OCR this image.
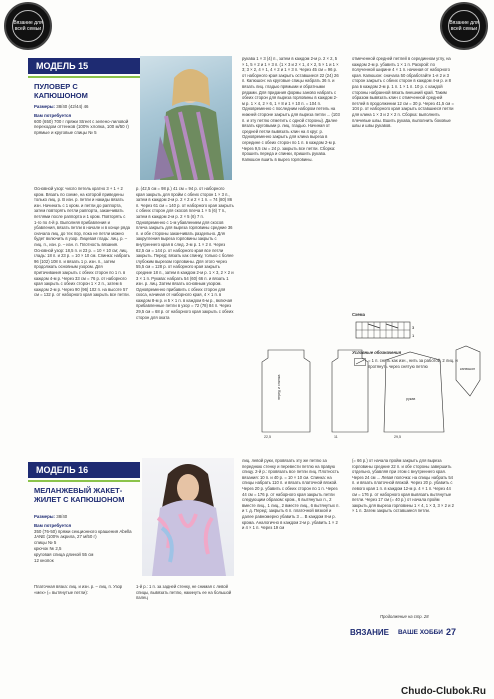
Вязание для всей семьи
Вязание для всей семьи
МОДЕЛЬ 15
ПУЛОВЕР С КАПЮШОНОМ
Размеры: 38/40 (42/44) 46
Вам потребуется
600 (650) 700 г пряжи Street с зелено-лиловой переходом оттенков (100% хлопка, 100 м/50 г)
прямые и круговые спицы № 5
Основной узор: число петель кратно 3 + 1 + 2 кром. Вязать по схеме, на которой приведены только лиц. р. В изн. р. петли и накиды вязать изн. Начинать с 1 кром. и петли до раппорта, затем повторять петли раппорта, заканчивать петлями после раппорта и 1 кром. Повторять с 1-го по 4-й р. Выполняя прибавления и убавления, вязать петли в начале и в конце ряда сначала лиц. до тех пор, пока не петли можно будет включить в узор. Лицевая гладь: лиц. р. – лиц. п., изн. р. – изн. п. Плотность вязания. Основной узор: 18,5 п. и 23 р. = 10 × 10 см; лиц. гладь: 18 п. и 23 р. = 10 × 10 см. Спинка: набрать 96 (102) 108 п. и вязать 1 р. изн. п., затем продолжать основным узором. Для притачивания закрыть с обеих сторон по 1 п. в каждом 4-м р. Через 33 см = 76 р. от наборного края закрыть с обеих сторон 1 × 2 п., затем в каждом 2-м р. Через 90 (96) 102 п. на высоте 57 см = 132 р. от наборного края закрыть все петли.
р. (42,5 см = 98 р.) 41 см = 94 р. от наборного края закрыть для пройм с обеих сторон 1 × 3 п., затем в каждом 2-м р. 2 × 2 и 2 × 1 п. = 74 (80) 86 п. Через 61 см = 140 р. от наборного края закрыть с обеих сторон для скосов плеча 1 × 5 (6) 7 п., затем в каждом 2-м р. 2 × 5 (6) 7 п. Одновременно с 1-м убавлением для скосов плеча закрыть для выреза горловины средние 36 п. и обе стороны заканчивать раздельно. Для закругления выреза горловины закрыть с внутреннего края в след. 2-м р. 1 × 2 п. Через 62,5 см = 144 р. от наборного края все петли закрыть. Перед: вязать как спинку, только с более глубоким вырезом горловины. Для этого через 55,5 см = 128 р. от наборного края закрыть средние 18 п., затем в каждом 2-м р. 1 × 3, 2 × 2 и 3 × 1 п. Рукава: набрать 54 (60) 66 п. и вязать 1 изн. р. лиц. Затем вязать основным узором. Одновременно прибавить с обеих сторон для скоса, начиная от наборного края, 4 × 1 п. в каждом 8-м р. и 5 × 1 п. в каждом 6-м р., включая прибавленные петли в узор = 72 (78) 84 п. Через 29,5 см = 68 р. от наборного края закрыть с обеих сторон для оката
рукава 1 × 3 (4) п., затем в каждом 2-м р. 2 × 2, 5 × 1, 5 × 2 и 1 × 3 п. (1 × 3 и 2 × 1, 4 × 2, 5 × 1 и 1 × 3; 3 × 2, 4 × 1, 4 × 2 и 1 × 3 п. Через 45 см = 96 р. от наборного края закрыть оставшиеся 22 (24) 26 п. Капюшон: на круговые спицы набрать 36 п. и вязать лиц. гладью прямыми и обратными рядами. Для придания формы заново набрать с обеих сторон для выреза горловины в каждом 2-м р. 1 × 4, 2 × 6, 1 × 8 и 1 × 10 п. = 104 п. Одновременно с последним набором петель на нижней стороне закрыть для выреза петли ... (103 п. и эту петлю отметить с одной стороны). Далее вязать круговыми р. лиц. гладью. Начиная от средней петли вывязать клин на 4 круг. р. Одновременно закрыть для клина выреза в середине с обеих сторон по 1 п. в каждом 2-м р. Через 9,5 см = 24 р. закрыть все петли. Сборка: прошить переда и спинки, пришить рукава. Капюшон вшить в вырез горловины.
отмеченной средней петлей в серединном углу, на каждом 2-м р. убавить 1 × 1 п. Раскрой: по полученной ширине 4 × 1 п. начиная от наборного края. Капюшон: сначала 50 обработайте 1-я 2 и 3 сторон закрыть с обеих сторон в каждом 4-м р. и 8 раз в каждом 2-м р. 1 п. 1 × 1 п. 10 р. с каждой стороны набранной вязать внешний край. Таким образом вывязать клин с отмеченной средней петлей в продолжении 12 см = 30 р. Через 41,5 см = 104 р. от наборного края закрыть оставшиеся петли для клина 1 × 3 и 2 × 2 п. Сборка: выполнить плечевые швы. Вшить рукава, выполнить боковые швы и швы рукавов.
Схема
3
1
Условные обозначения
= 1 п. снять как изн., нить за работой, 2 лиц. и протянуть через снятую петлю
22,5	11	29,5
перед и спинка	рукав
капюшон
МОДЕЛЬ 16
МЕЛАНЖЕВЫЙ ЖАКЕТ-ЖИЛЕТ С КАПЮШОНОМ
Размеры: 38/40
Вам потребуется
350 (76-50) пряжи секционного крашения Abella JANE (100% акрила, 27 м/50 г)
спицы № 5
крючок № 2,5
круговая спица длиной 55 см
12 кнопок
Платочная вязка: лиц. и изн. р. – лиц. п. Узор «мех» (= вытянутые петли):
1-й р.: 1 п. за задней стенку, не снимая с левой спицы, вывязать петлю, накинуть ее на большой палец
лиц. левой руки, провязать эту же петлю за переднюю стенку и перевести петлю на правую спицу. 2-й р.: провязать все петли лиц. Плотность вязания: 10 п. и 40 р. = 10 × 10 см. Спинка: на спицы набрать 110 п. и вязать платочной вязкой. Через 20 р. убавить с обеих сторон по 1 п. Через 44 см = 176 р. от наборного края закрыть петли следующим образом: кром., 6 вытянутых п., 2 вместе лиц., 1 лиц., 2 вместе лиц., 6 вытянутых п. и т. д. Перед: закрыть 6 п. платочной вязкой и далее равномерно убавить 3 ... В каждом 8-м р. крома. Аналогично в каждом 2-м р. убавить 1 × 2 и 4 × 1 п. Через 19 см
(= 66 р.) от начала пройм закрыть для выреза горловины средние 22 п. и обе стороны завершить отдельно, убавляя при этом с внутреннего края. Через 24 см ... Левая полочка: на спицы набрать 54 п. и вязать платочной вязкой. Через 20 р. убавить с левого края 1 п. в каждом 12-м р. 4 × 1 п. Через 44 см = 176 р. от наборного края вывязать вытянутые петли. Через 17 см (= 40 р.) от начала пройм закрыть для выреза горловины 1 × 4, 1 × 3, 3 × 2 и 2 × 1 п. Затем закрыть оставшиеся петли.
Продолжение на стр. 28
ВЯЗАНИЕ ВАШЕ ХОББИ 27
Chudo-Clubok.Ru
